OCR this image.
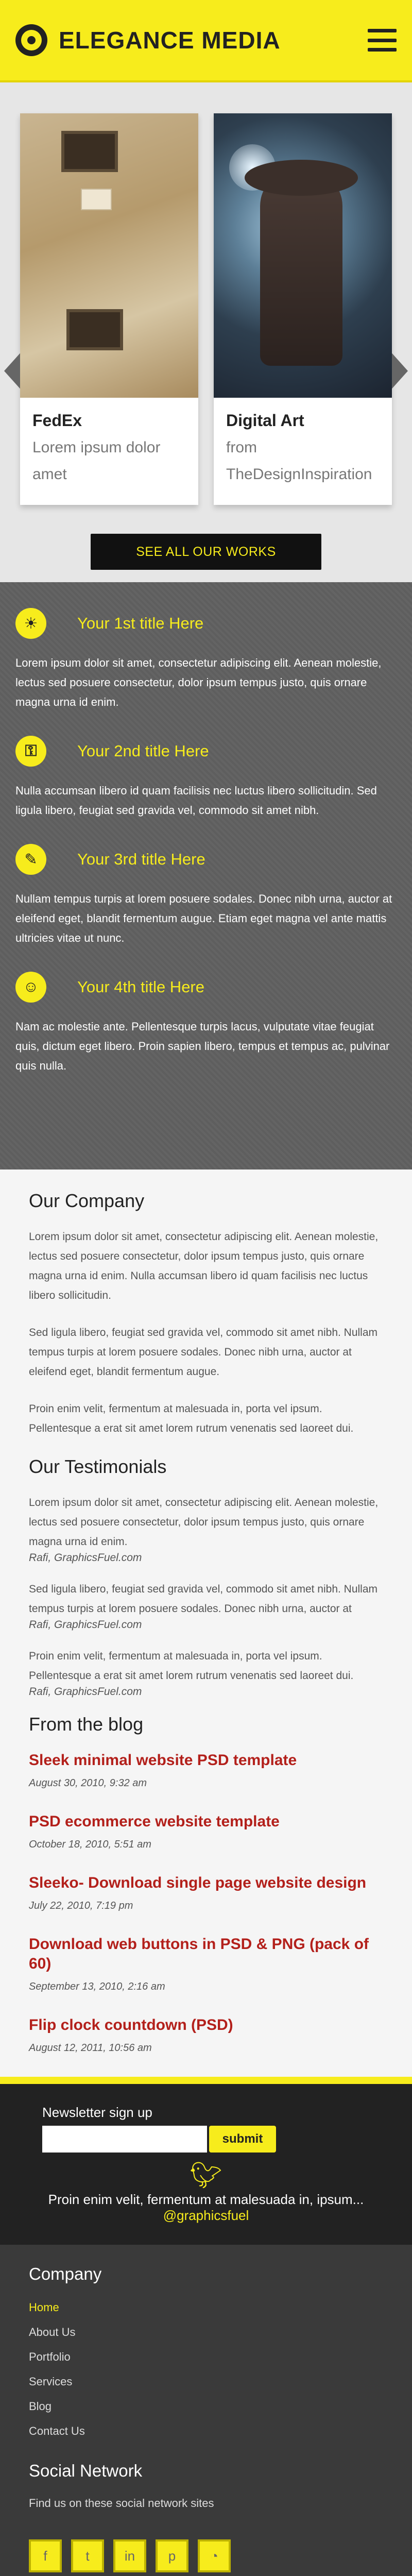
ELEGANCE MEDIA
FedEx
Lorem ipsum dolor amet
Digital Art
from TheDesignInspiration
SEE ALL OUR WORKS
☀	Your 1st title Here
Lorem ipsum dolor sit amet, consectetur adipiscing elit. Aenean molestie, lectus sed posuere consectetur, dolor ipsum tempus justo, quis ornare magna urna id enim.
⚿	Your 2nd title Here
Nulla accumsan libero id quam facilisis nec luctus libero sollicitudin. Sed ligula libero, feugiat sed gravida vel, commodo sit amet nibh.
✎	Your 3rd title Here
Nullam tempus turpis at lorem posuere sodales. Donec nibh urna, auctor at eleifend eget, blandit fermentum augue. Etiam eget magna vel ante mattis ultricies vitae ut nunc.
☺	Your 4th title Here
Nam ac molestie ante. Pellentesque turpis lacus, vulputate vitae feugiat quis, dictum eget libero. Proin sapien libero, tempus et tempus ac, pulvinar quis nulla.
Our Company
Lorem ipsum dolor sit amet, consectetur adipiscing elit. Aenean molestie, lectus sed posuere consectetur, dolor ipsum tempus justo, quis ornare magna urna id enim. Nulla accumsan libero id quam facilisis nec luctus libero sollicitudin.
Sed ligula libero, feugiat sed gravida vel, commodo sit amet nibh. Nullam tempus turpis at lorem posuere sodales. Donec nibh urna, auctor at eleifend eget, blandit fermentum augue.
Proin enim velit, fermentum at malesuada in, porta vel ipsum. Pellentesque a erat sit amet lorem rutrum venenatis sed laoreet dui.
Our Testimonials
Lorem ipsum dolor sit amet, consectetur adipiscing elit. Aenean molestie, lectus sed posuere consectetur, dolor ipsum tempus justo, quis ornare magna urna id enim.
Rafi, GraphicsFuel.com
Sed ligula libero, feugiat sed gravida vel, commodo sit amet nibh. Nullam tempus turpis at lorem posuere sodales. Donec nibh urna, auctor at
Rafi, GraphicsFuel.com
Proin enim velit, fermentum at malesuada in, porta vel ipsum. Pellentesque a erat sit amet lorem rutrum venenatis sed laoreet dui.
Rafi, GraphicsFuel.com
From the blog
Sleek minimal website PSD template
August 30, 2010, 9:32 am
PSD ecommerce website template
October 18, 2010, 5:51 am
Sleeko- Download single page website design
July 22, 2010, 7:19 pm
Download web buttons in PSD & PNG (pack of 60)
September 13, 2010, 2:16 am
Flip clock countdown (PSD)
August 12, 2011, 10:56 am
Newsletter sign up
submit
🐦︎
Proin enim velit, fermentum at malesuada in, ipsum...
@graphicsfuel
Company
Home
About Us
Portfolio
Services
Blog
Contact Us
Social Network
Find us on these social network sites
f	t	in	p	◔
